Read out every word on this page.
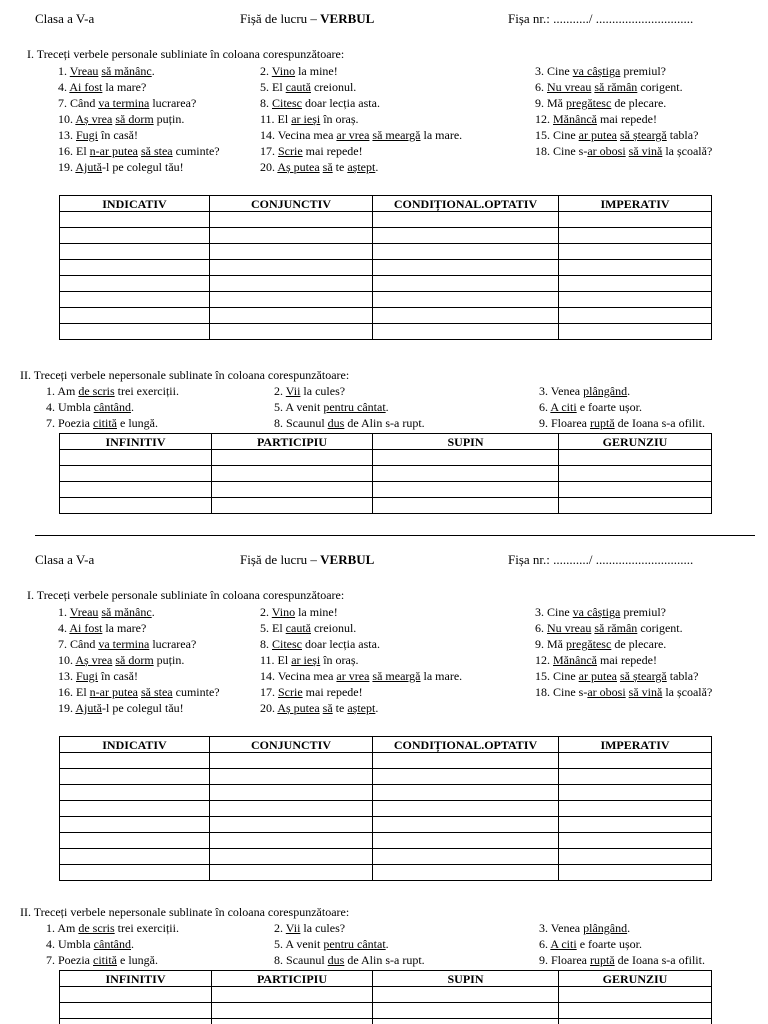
Clasa a V-a	Fișă de lucru – VERBUL	Fișa nr.: .........../ ..............................
I. Treceți verbele personale subliniate în coloana corespunzătoare:
1. Vreau să mănânc.	2. Vino la mine!	3. Cine va câștiga premiul?
4. Ai fost la mare?	5. El caută creionul.	6. Nu vreau să rămân corigent.
7. Când va termina lucrarea?	8. Citesc doar lecția asta.	9. Mă pregătesc de plecare.
10. Aș vrea să dorm puțin.	11. El ar ieși în oraș.	12. Mănâncă mai repede!
13. Fugi în casă!	14. Vecina mea ar vrea să meargă la mare.	15. Cine ar putea să șteargă tabla?
16. El n-ar putea să stea cuminte?	17. Scrie mai repede!	18. Cine s-ar obosi să vină la școală?
19. Ajută-l pe colegul tău!	20. Aș putea să te aștept.
INDICATIV	CONJUNCTIV	CONDIȚIONAL.OPTATIV	IMPERATIV

II. Treceți verbele nepersonale sublinate în coloana corespunzătoare:
1. Am de scris trei exerciții.	2. Vii la cules?	3. Venea plângând.
4. Umbla cântând.	5. A venit pentru cântat.	6. A citi e foarte ușor.
7. Poezia citită e lungă.	8. Scaunul dus de Alin s-a rupt.	9. Floarea ruptă de Ioana s-a ofilit.
INFINITIV	PARTICIPIU	SUPIN	GERUNZIU

Clasa a V-a	Fișă de lucru – VERBUL	Fișa nr.: .........../ ..............................
I. Treceți verbele personale subliniate în coloana corespunzătoare:
1. Vreau să mănânc.	2. Vino la mine!	3. Cine va câștiga premiul?
4. Ai fost la mare?	5. El caută creionul.	6. Nu vreau să rămân corigent.
7. Când va termina lucrarea?	8. Citesc doar lecția asta.	9. Mă pregătesc de plecare.
10. Aș vrea să dorm puțin.	11. El ar ieși în oraș.	12. Mănâncă mai repede!
13. Fugi în casă!	14. Vecina mea ar vrea să meargă la mare.	15. Cine ar putea să șteargă tabla?
16. El n-ar putea să stea cuminte?	17. Scrie mai repede!	18. Cine s-ar obosi să vină la școală?
19. Ajută-l pe colegul tău!	20. Aș putea să te aștept.
INDICATIV	CONJUNCTIV	CONDIȚIONAL.OPTATIV	IMPERATIV

II. Treceți verbele nepersonale sublinate în coloana corespunzătoare:
1. Am de scris trei exerciții.	2. Vii la cules?	3. Venea plângând.
4. Umbla cântând.	5. A venit pentru cântat.	6. A citi e foarte ușor.
7. Poezia citită e lungă.	8. Scaunul dus de Alin s-a rupt.	9. Floarea ruptă de Ioana s-a ofilit.
INFINITIV	PARTICIPIU	SUPIN	GERUNZIU
